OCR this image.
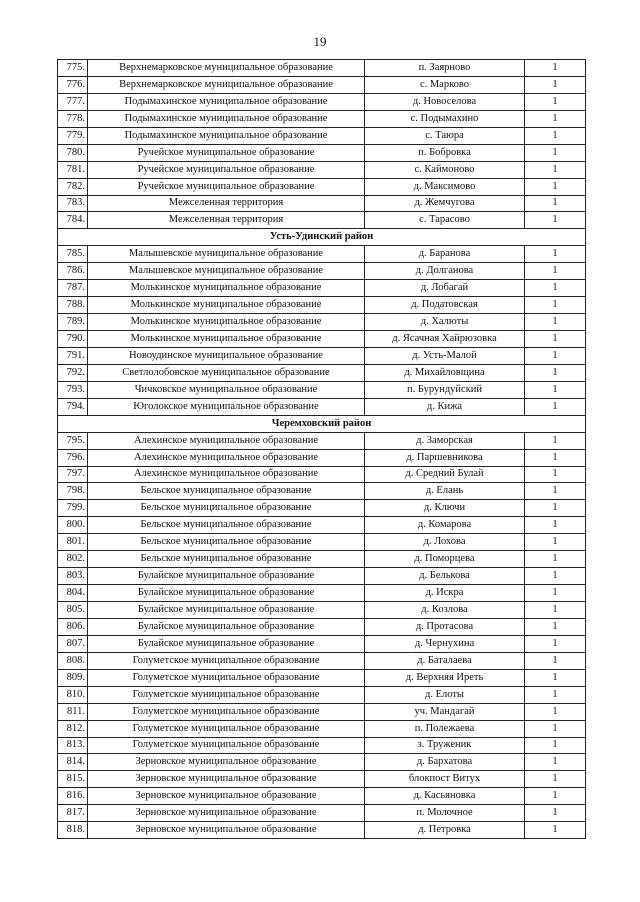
19
775.	Верхнемарковское муниципальное образование	п. Заярново	1
776.	Верхнемарковское муниципальное образование	с. Марково	1
777.	Подымахинское муниципальное образование	д. Новоселова	1
778.	Подымахинское муниципальное образование	с. Подымахино	1
779.	Подымахинское муниципальное образование	с. Таюра	1
780.	Ручейское муниципальное образование	п. Бобровка	1
781.	Ручейское муниципальное образование	с. Каймоново	1
782.	Ручейское муниципальное образование	д. Максимово	1
783.	Межселенная территория	д. Жемчугова	1
784.	Межселенная территория	с. Тарасово	1
Усть-Удинский район			
785.	Малышевское муниципальное образование	д. Баранова	1
786.	Малышевское муниципальное образование	д. Долганова	1
787.	Молькинское муниципальное образование	д. Лобагай	1
788.	Молькинское муниципальное образование	д. Податовская	1
789.	Молькинское муниципальное образование	д. Халюты	1
790.	Молькинское муниципальное образование	д. Ясачная Хайрюзовка	1
791.	Новоудинское муниципальное образование	д. Усть-Малой	1
792.	Светлолобовское муниципальное образование	д. Михайловщина	1
793.	Чичковское муниципальное образование	п. Бурундуйский	1
794.	Юголокское муниципальное образование	д. Кижа	1
Черемховский район			
795.	Алехинское муниципальное образование	д. Заморская	1
796.	Алехинское муниципальное образование	д. Паршевникова	1
797.	Алехинское муниципальное образование	д. Средний Булай	1
798.	Бельское муниципальное образование	д. Елань	1
799.	Бельское муниципальное образование	д. Ключи	1
800.	Бельское муниципальное образование	д. Комарова	1
801.	Бельское муниципальное образование	д. Лохова	1
802.	Бельское муниципальное образование	д. Поморцева	1
803.	Булайское муниципальное образование	д. Белькова	1
804.	Булайское муниципальное образование	д. Искра	1
805.	Булайское муниципальное образование	д. Козлова	1
806.	Булайское муниципальное образование	д. Протасова	1
807.	Булайское муниципальное образование	д. Чернухина	1
808.	Голуметское муниципальное образование	д. Баталаева	1
809.	Голуметское муниципальное образование	д. Верхняя Иреть	1
810.	Голуметское муниципальное образование	д. Елоты	1
811.	Голуметское муниципальное образование	уч. Мандагай	1
812.	Голуметское муниципальное образование	п. Полежаева	1
813.	Голуметское муниципальное образование	з. Труженик	1
814.	Зерновское муниципальное образование	д. Бархатова	1
815.	Зерновское муниципальное образование	блокпост Витух	1
816.	Зерновское муниципальное образование	д. Касьяновка	1
817.	Зерновское муниципальное образование	п. Молочное	1
818.	Зерновское муниципальное образование	д. Петровка	1
